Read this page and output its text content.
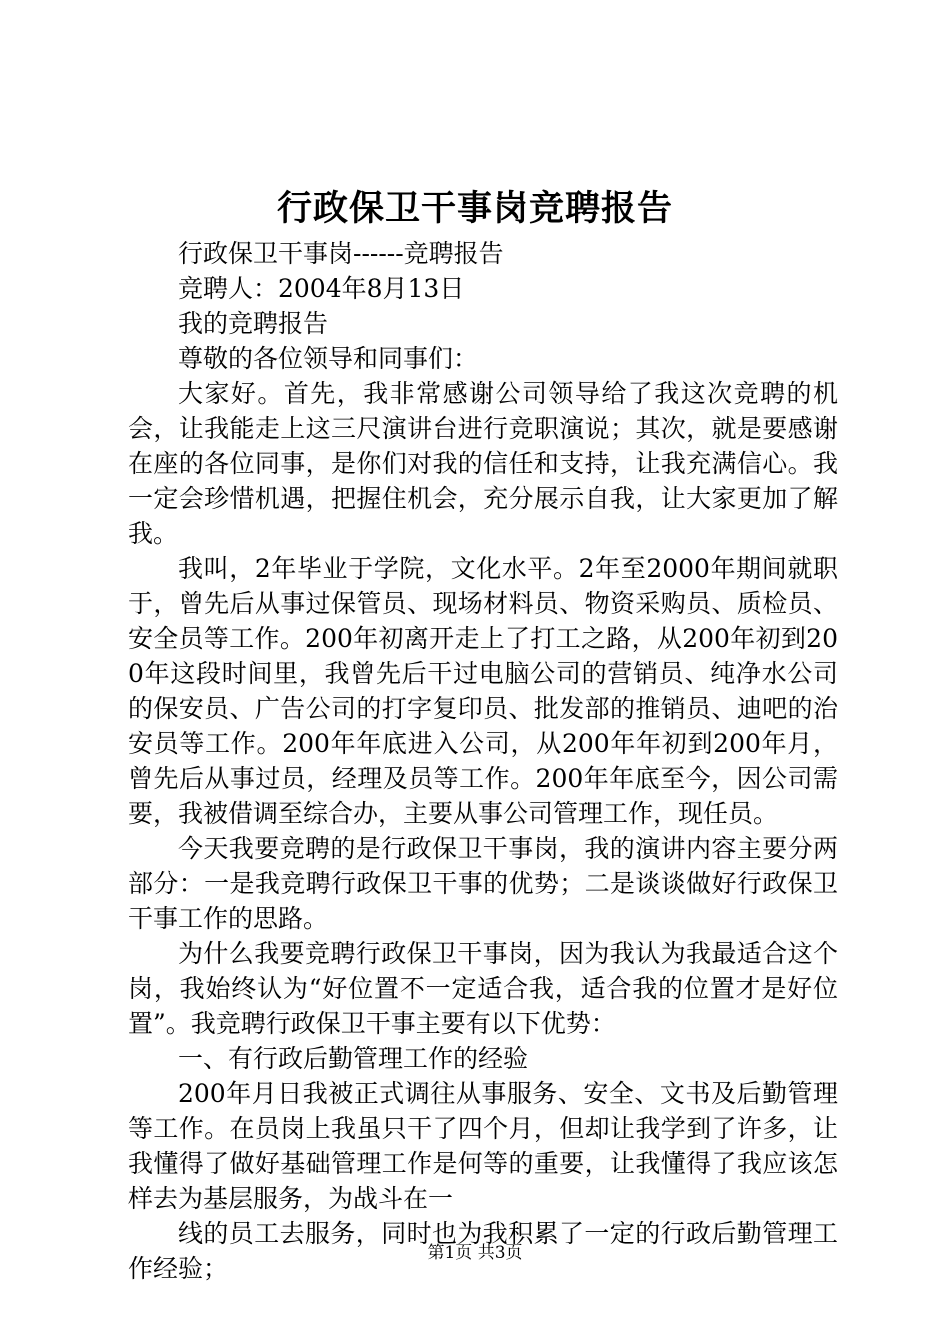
行政保卫干事岗竞聘报告

行政保卫干事岗------竞聘报告

竞聘人：2004年8月13日

我的竞聘报告

尊敬的各位领导和同事们：

大家好。首先，我非常感谢公司领导给了我这次竞聘的机会，让我能走上这三尺演讲台进行竞职演说；其次，就是要感谢在座的各位同事，是你们对我的信任和支持，让我充满信心。我一定会珍惜机遇，把握住机会，充分展示自我，让大家更加了解我。

我叫，2年毕业于学院，文化水平。2年至2000年期间就职于，曾先后从事过保管员、现场材料员、物资采购员、质检员、安全员等工作。200年初离开走上了打工之路，从200年初到200年这段时间里，我曾先后干过电脑公司的营销员、纯净水公司的保安员、广告公司的打字复印员、批发部的推销员、迪吧的治安员等工作。200年年底进入公司，从200年年初到200年月，曾先后从事过员，经理及员等工作。200年年底至今，因公司需要，我被借调至综合办，主要从事公司管理工作，现任员。

今天我要竞聘的是行政保卫干事岗，我的演讲内容主要分两部分：一是我竞聘行政保卫干事的优势；二是谈谈做好行政保卫干事工作的思路。

为什么我要竞聘行政保卫干事岗，因为我认为我最适合这个岗，我始终认为“好位置不一定适合我，适合我的位置才是好位置”。我竞聘行政保卫干事主要有以下优势：

一、有行政后勤管理工作的经验

200年月日我被正式调往从事服务、安全、文书及后勤管理等工作。在员岗上我虽只干了四个月，但却让我学到了许多，让我懂得了做好基础管理工作是何等的重要，让我懂得了我应该怎样去为基层服务，为战斗在一

线的员工去服务，同时也为我积累了一定的行政后勤管理工作经验；

第1页 共3页
